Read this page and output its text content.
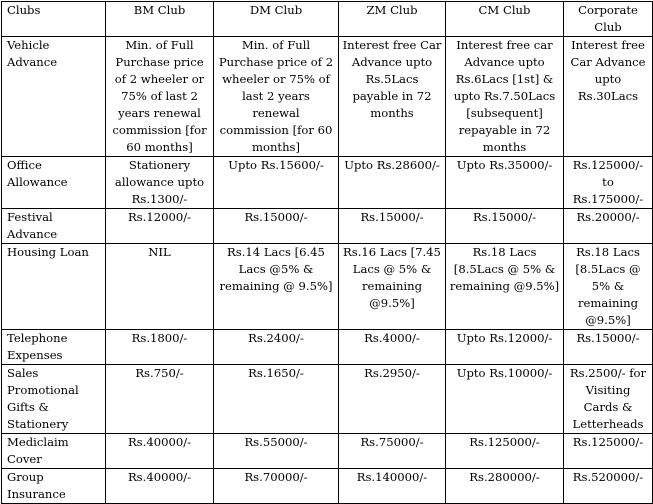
Clubs	BM Club	DM Club	ZM Club	CM Club	Corporate Club
Vehicle Advance	Min. of Full Purchase price of 2 wheeler or 75% of last 2 years renewal commission [for 60 months]	Min. of Full Purchase price of 2 wheeler or 75% of last 2 years renewal commission [for 60 months]	Interest free Car Advance upto Rs.5Lacs payable in 72 months	Interest free car Advance upto Rs.6Lacs [1st] & upto Rs.7.50Lacs [subsequent] repayable in 72 months	Interest free Car Advance upto Rs.30Lacs
Office Allowance	Stationery allowance upto Rs.1300/-	Upto Rs.15600/-	Upto Rs.28600/-	Upto Rs.35000/-	Rs.125000/- to Rs.175000/-
Festival Advance	Rs.12000/-	Rs.15000/-	Rs.15000/-	Rs.15000/-	Rs.20000/-
Housing Loan	NIL	Rs.14 Lacs [6.45 Lacs @5% & remaining @ 9.5%]	Rs.16 Lacs [7.45 Lacs @ 5% & remaining @9.5%]	Rs.18 Lacs [8.5Lacs @ 5% & remaining @9.5%]	Rs.18 Lacs [8.5Lacs @ 5% & remaining @9.5%]
Telephone Expenses	Rs.1800/-	Rs.2400/-	Rs.4000/-	Upto Rs.12000/-	Rs.15000/-
Sales Promotional Gifts & Stationery	Rs.750/-	Rs.1650/-	Rs.2950/-	Upto Rs.10000/-	Rs.2500/- for Visiting Cards & Letterheads
Mediclaim Cover	Rs.40000/-	Rs.55000/-	Rs.75000/-	Rs.125000/-	Rs.125000/-
Group Insurance	Rs.40000/-	Rs.70000/-	Rs.140000/-	Rs.280000/-	Rs.520000/-
